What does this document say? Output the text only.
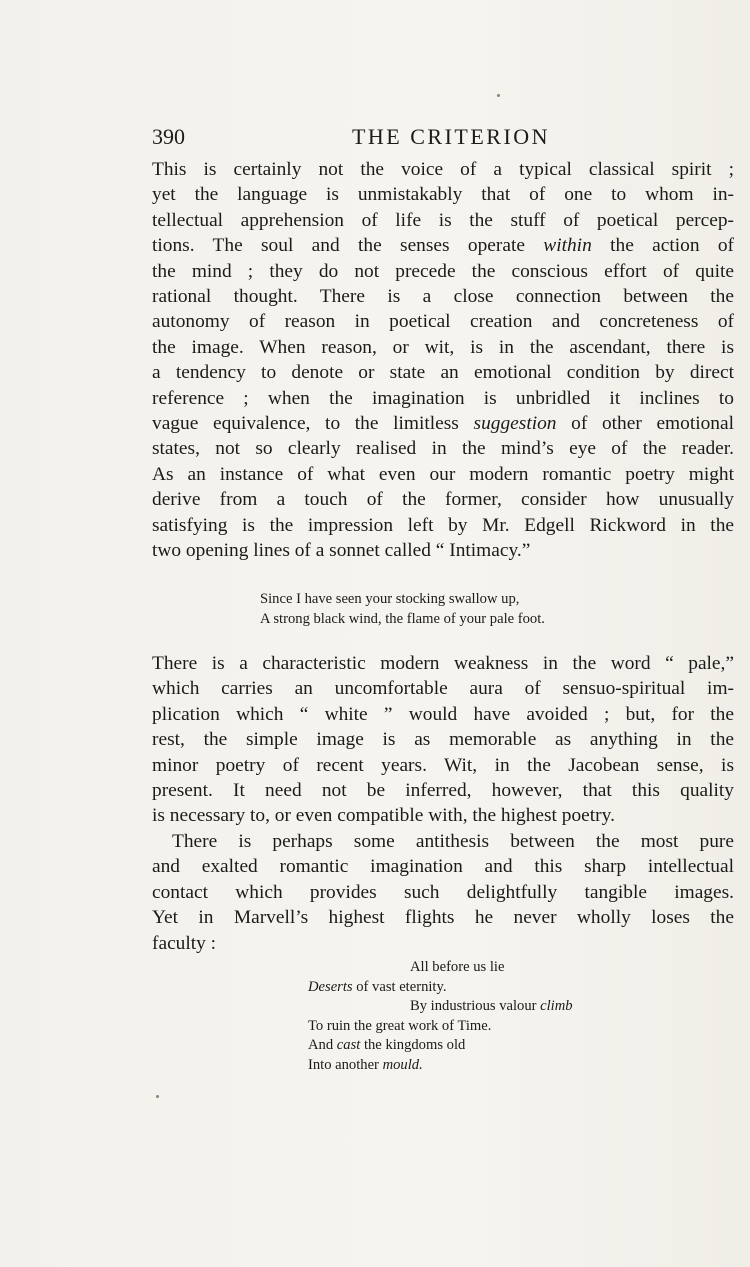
390	THE CRITERION
This is certainly not the voice of a typical classical spirit ;
yet the language is unmistakably that of one to whom in-
tellectual apprehension of life is the stuff of poetical percep-
tions. The soul and the senses operate within the action of
the mind ; they do not precede the conscious effort of quite
rational thought. There is a close connection between the
autonomy of reason in poetical creation and concreteness of
the image. When reason, or wit, is in the ascendant, there is
a tendency to denote or state an emotional condition by direct
reference ; when the imagination is unbridled it inclines to
vague equivalence, to the limitless suggestion of other emotional
states, not so clearly realised in the mind’s eye of the reader.
As an instance of what even our modern romantic poetry might
derive from a touch of the former, consider how unusually
satisfying is the impression left by Mr. Edgell Rickword in the
two opening lines of a sonnet called “ Intimacy.”
Since I have seen your stocking swallow up,
A strong black wind, the flame of your pale foot.
There is a characteristic modern weakness in the word “ pale,”
which carries an uncomfortable aura of sensuo-spiritual im-
plication which “ white ” would have avoided ; but, for the
rest, the simple image is as memorable as anything in the
minor poetry of recent years. Wit, in the Jacobean sense, is
present. It need not be inferred, however, that this quality
is necessary to, or even compatible with, the highest poetry.
There is perhaps some antithesis between the most pure
and exalted romantic imagination and this sharp intellectual
contact which provides such delightfully tangible images.
Yet in Marvell’s highest flights he never wholly loses the
faculty :
All before us lie
Deserts of vast eternity.
By industrious valour climb
To ruin the great work of Time.
And cast the kingdoms old
Into another mould.
